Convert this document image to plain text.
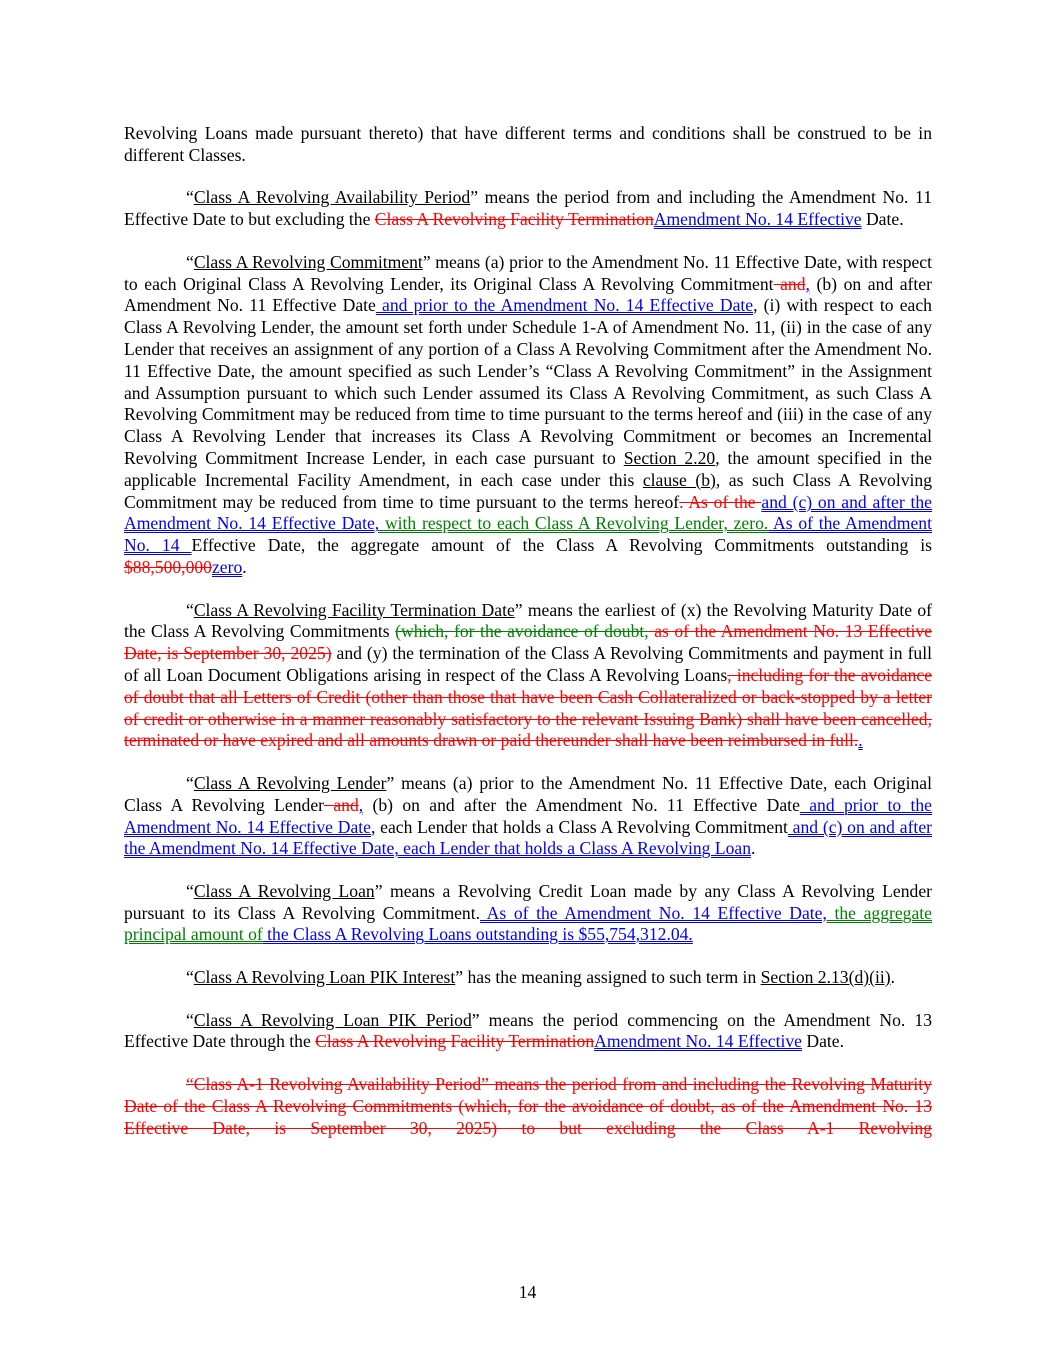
Revolving Loans made pursuant thereto) that have different terms and conditions shall be construed to be in different Classes.

“Class A Revolving Availability Period” means the period from and including the Amendment No. 11 Effective Date to but excluding the Class A Revolving Facility TerminationAmendment No. 14 Effective Date.

“Class A Revolving Commitment” means (a) prior to the Amendment No. 11 Effective Date, with respect to each Original Class A Revolving Lender, its Original Class A Revolving Commitment and, (b) on and after Amendment No. 11 Effective Date and prior to the Amendment No. 14 Effective Date, (i) with respect to each Class A Revolving Lender, the amount set forth under Schedule 1-A of Amendment No. 11, (ii) in the case of any Lender that receives an assignment of any portion of a Class A Revolving Commitment after the Amendment No. 11 Effective Date, the amount specified as such Lender’s “Class A Revolving Commitment” in the Assignment and Assumption pursuant to which such Lender assumed its Class A Revolving Commitment, as such Class A Revolving Commitment may be reduced from time to time pursuant to the terms hereof and (iii) in the case of any Class A Revolving Lender that increases its Class A Revolving Commitment or becomes an Incremental Revolving Commitment Increase Lender, in each case pursuant to Section 2.20, the amount specified in the applicable Incremental Facility Amendment, in each case under this clause (b), as such Class A Revolving Commitment may be reduced from time to time pursuant to the terms hereof. As of the and (c) on and after the Amendment No. 14 Effective Date, with respect to each Class A Revolving Lender, zero. As of the Amendment No. 14 Effective Date, the aggregate amount of the Class A Revolving Commitments outstanding is $88,500,000zero.

“Class A Revolving Facility Termination Date” means the earliest of (x) the Revolving Maturity Date of the Class A Revolving Commitments (which, for the avoidance of doubt, as of the Amendment No. 13 Effective Date, is September 30, 2025) and (y) the termination of the Class A Revolving Commitments and payment in full of all Loan Document Obligations arising in respect of the Class A Revolving Loans, including for the avoidance of doubt that all Letters of Credit (other than those that have been Cash Collateralized or back-stopped by a letter of credit or otherwise in a manner reasonably satisfactory to the relevant Issuing Bank) shall have been cancelled, terminated or have expired and all amounts drawn or paid thereunder shall have been reimbursed in full..

“Class A Revolving Lender” means (a) prior to the Amendment No. 11 Effective Date, each Original Class A Revolving Lender and, (b) on and after the Amendment No. 11 Effective Date and prior to the Amendment No. 14 Effective Date, each Lender that holds a Class A Revolving Commitment and (c) on and after the Amendment No. 14 Effective Date, each Lender that holds a Class A Revolving Loan.

“Class A Revolving Loan” means a Revolving Credit Loan made by any Class A Revolving Lender pursuant to its Class A Revolving Commitment. As of the Amendment No. 14 Effective Date, the aggregate principal amount of the Class A Revolving Loans outstanding is $55,754,312.04.

“Class A Revolving Loan PIK Interest” has the meaning assigned to such term in Section 2.13(d)(ii).

“Class A Revolving Loan PIK Period” means the period commencing on the Amendment No. 13 Effective Date through the Class A Revolving Facility TerminationAmendment No. 14 Effective Date.

“Class A-1 Revolving Availability Period” means the period from and including the Revolving Maturity Date of the Class A Revolving Commitments (which, for the avoidance of doubt, as of the Amendment No. 13 Effective Date, is September 30, 2025) to but excluding the Class A-1 Revolving

14
